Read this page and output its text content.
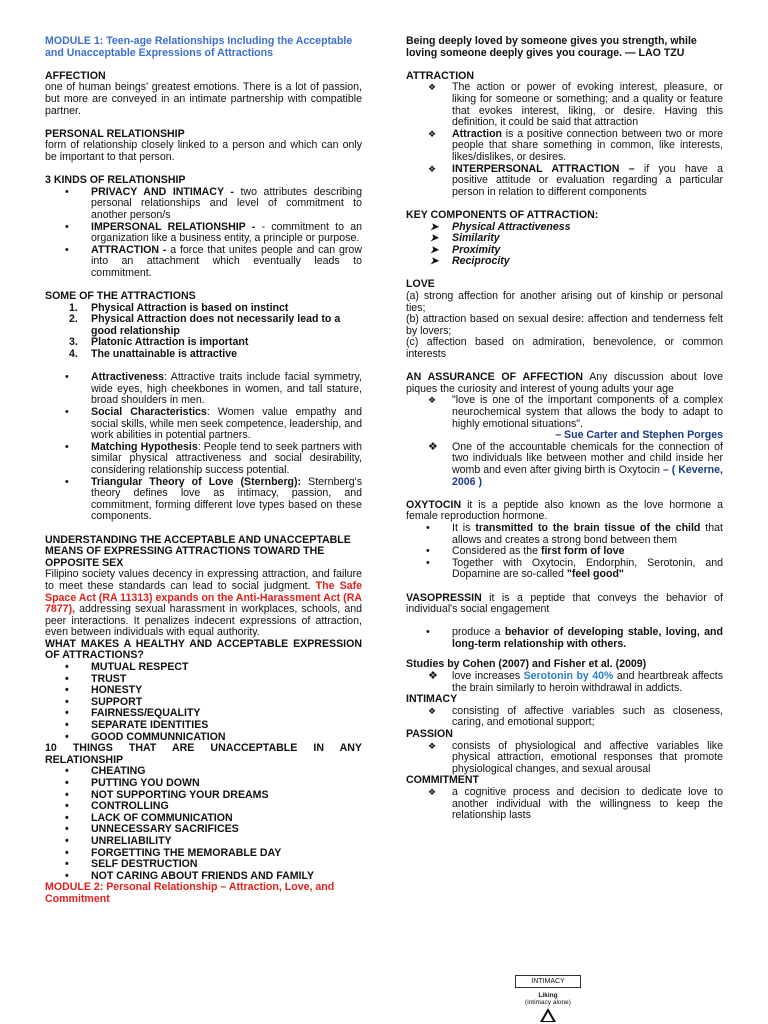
MODULE 1: Teen-age Relationships Including the Acceptable and Unacceptable Expressions of Attractions

AFFECTION

one of human beings' greatest emotions. There is a lot of passion, but more are conveyed in an intimate partnership with compatible partner.

PERSONAL RELATIONSHIP

form of relationship closely linked to a person and which can only be important to that person.

3 KINDS OF RELATIONSHIP

• PRIVACY AND INTIMACY - two attributes describing personal relationships and level of commitment to another person/s
• IMPERSONAL RELATIONSHIP - - commitment to an organization like a business entity, a principle or purpose.
• ATTRACTION - a force that unites people and can grow into an attachment which eventually leads to commitment.

SOME OF THE ATTRACTIONS

1. Physical Attraction is based on instinct
2. Physical Attraction does not necessarily lead to a good relationship
3. Platonic Attraction is important
4. The unattainable is attractive
• Attractiveness: Attractive traits include facial symmetry, wide eyes, high cheekbones in women, and tall stature, broad shoulders in men.
• Social Characteristics: Women value empathy and social skills, while men seek competence, leadership, and work abilities in potential partners.
• Matching Hypothesis: People tend to seek partners with similar physical attractiveness and social desirability, considering relationship success potential.
• Triangular Theory of Love (Sternberg): Sternberg's theory defines love as intimacy, passion, and commitment, forming different love types based on these components.

UNDERSTANDING THE ACCEPTABLE AND UNACCEPTABLE MEANS OF EXPRESSING ATTRACTIONS TOWARD THE OPPOSITE SEX

Filipino society values decency in expressing attraction, and failure to meet these standards can lead to social judgment. The Safe Space Act (RA 11313) expands on the Anti-Harassment Act (RA 7877), addressing sexual harassment in workplaces, schools, and peer interactions. It penalizes indecent expressions of attraction, even between individuals with equal authority.

WHAT MAKES A HEALTHY AND ACCEPTABLE EXPRESSION OF ATTRACTIONS?

• MUTUAL RESPECT
• TRUST
• HONESTY
• SUPPORT
• FAIRNESS/EQUALITY
• SEPARATE IDENTITIES
• GOOD COMMUNNICATION

10 THINGS THAT ARE UNACCEPTABLE IN ANY RELATIONSHIP

• CHEATING
• PUTTING YOU DOWN
• NOT SUPPORTING YOUR DREAMS
• CONTROLLING
• LACK OF COMMUNICATION
• UNNECESSARY SACRIFICES
• UNRELIABILITY
• FORGETTING THE MEMORABLE DAY
• SELF DESTRUCTION
• NOT CARING ABOUT FRIENDS AND FAMILY

MODULE 2: Personal Relationship – Attraction, Love, and Commitment

Being deeply loved by someone gives you strength, while loving someone deeply gives you courage. — LAO TZU

ATTRACTION

❖ The action or power of evoking interest, pleasure, or liking for someone or something; and a quality or feature that evokes interest, liking, or desire. Having this definition, it could be said that attraction
❖ Attraction is a positive connection between two or more people that share something in common, like interests, likes/dislikes, or desires.
❖ INTERPERSONAL ATTRACTION – if you have a positive attitude or evaluation regarding a particular person in relation to different components

KEY COMPONENTS OF ATTRACTION:

➤ Physical Attractiveness
➤ Similarity
➤ Proximity
➤ Reciprocity

LOVE

(a) strong affection for another arising out of kinship or personal ties;

(b) attraction based on sexual desire: affection and tenderness felt by lovers;

(c) affection based on admiration, benevolence, or common interests

AN ASSURANCE OF AFFECTION Any discussion about love piques the curiosity and interest of young adults your age

❖ "love is one of the important components of a complex neurochemical system that allows the body to adapt to highly emotional situations".

– Sue Carter and Stephen Porges

❖ One of the accountable chemicals for the connection of two individuals like between mother and child inside her womb and even after giving birth is Oxytocin – ( Keverne, 2006 )

OXYTOCIN it is a peptide also known as the love hormone a female reproduction hormone.

• It is transmitted to the brain tissue of the child that allows and creates a strong bond between them
• Considered as the first form of love
• Together with Oxytocin, Endorphin, Serotonin, and Dopamine are so-called "feel good"

VASOPRESSIN it is a peptide that conveys the behavior of individual's social engagement

• produce a behavior of developing stable, loving, and long-term relationship with others.

Studies by Cohen (2007) and Fisher et al. (2009)

❖ love increases Serotonin by 40% and heartbreak affects the brain similarly to heroin withdrawal in addicts.

INTIMACY

❖ consisting of affective variables such as closeness, caring, and emotional support;

PASSION

❖ consists of physiological and affective variables like physical attraction, emotional responses that promote physiological changes, and sexual arousal

COMMITMENT

❖ a cognitive process and decision to dedicate love to another individual with the willingness to keep the relationship lasts
INTIMACY
Liking
(intimacy alone)
